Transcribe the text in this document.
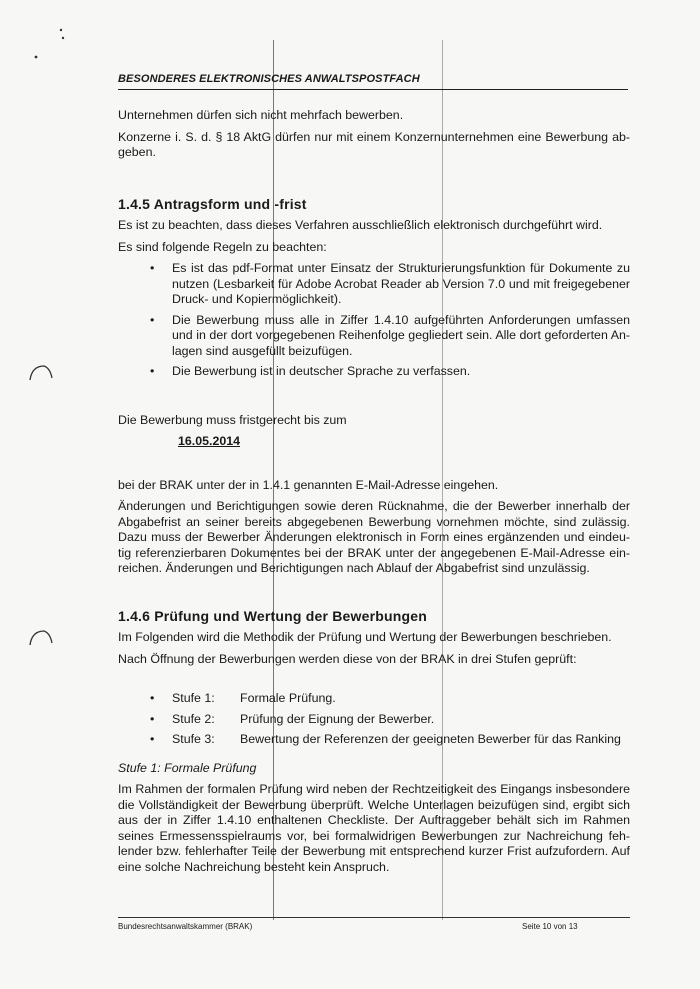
BESONDERES ELEKTRONISCHES ANWALTSPOSTFACH

Unternehmen dürfen sich nicht mehrfach bewerben.

Konzerne i. S. d. § 18 AktG dürfen nur mit einem Konzernunternehmen eine Bewerbung abgeben.

1.4.5 Antragsform und -frist

Es ist zu beachten, dass dieses Verfahren ausschließlich elektronisch durchgeführt wird.

Es sind folgende Regeln zu beachten:

• Es ist das pdf-Format unter Einsatz der Strukturierungsfunktion für Dokumente zu nutzen (Lesbarkeit für Adobe Acrobat Reader ab Version 7.0 und mit freigegebener Druck- und Kopiermöglichkeit).
• Die Bewerbung muss alle in Ziffer 1.4.10 aufgeführten Anforderungen umfassen und in der dort vorgegebenen Reihenfolge gegliedert sein. Alle dort geforderten Anlagen sind ausgefüllt beizufügen.
• Die Bewerbung ist in deutscher Sprache zu verfassen.

Die Bewerbung muss fristgerecht bis zum

16.05.2014

bei der BRAK unter der in 1.4.1 genannten E-Mail-Adresse eingehen.

Änderungen und Berichtigungen sowie deren Rücknahme, die der Bewerber innerhalb der Abgabefrist an seiner bereits abgegebenen Bewerbung vornehmen möchte, sind zulässig. Dazu muss der Bewerber Änderungen elektronisch in Form eines ergänzenden und eindeutig referenzierbaren Dokumentes bei der BRAK unter der angegebenen E-Mail-Adresse einreichen. Änderungen und Berichtigungen nach Ablauf der Abgabefrist sind unzulässig.

1.4.6 Prüfung und Wertung der Bewerbungen

Im Folgenden wird die Methodik der Prüfung und Wertung der Bewerbungen beschrieben.

Nach Öffnung der Bewerbungen werden diese von der BRAK in drei Stufen geprüft:

• Stufe 1:	Formale Prüfung.
• Stufe 2:	Prüfung der Eignung der Bewerber.
• Stufe 3:	Bewertung der Referenzen der geeigneten Bewerber für das Ranking

Stufe 1: Formale Prüfung

Im Rahmen der formalen Prüfung wird neben der Rechtzeitigkeit des Eingangs insbesondere die Vollständigkeit der Bewerbung überprüft. Welche Unterlagen beizufügen sind, ergibt sich aus der in Ziffer 1.4.10 enthaltenen Checkliste. Der Auftraggeber behält sich im Rahmen seines Ermessensspielraums vor, bei formalwidrigen Bewerbungen zur Nachreichung fehlender bzw. fehlerhafter Teile der Bewerbung mit entsprechend kurzer Frist aufzufordern. Auf eine solche Nachreichung besteht kein Anspruch.

Bundesrechtsanwaltskammer (BRAK)	Seite 10 von 13
